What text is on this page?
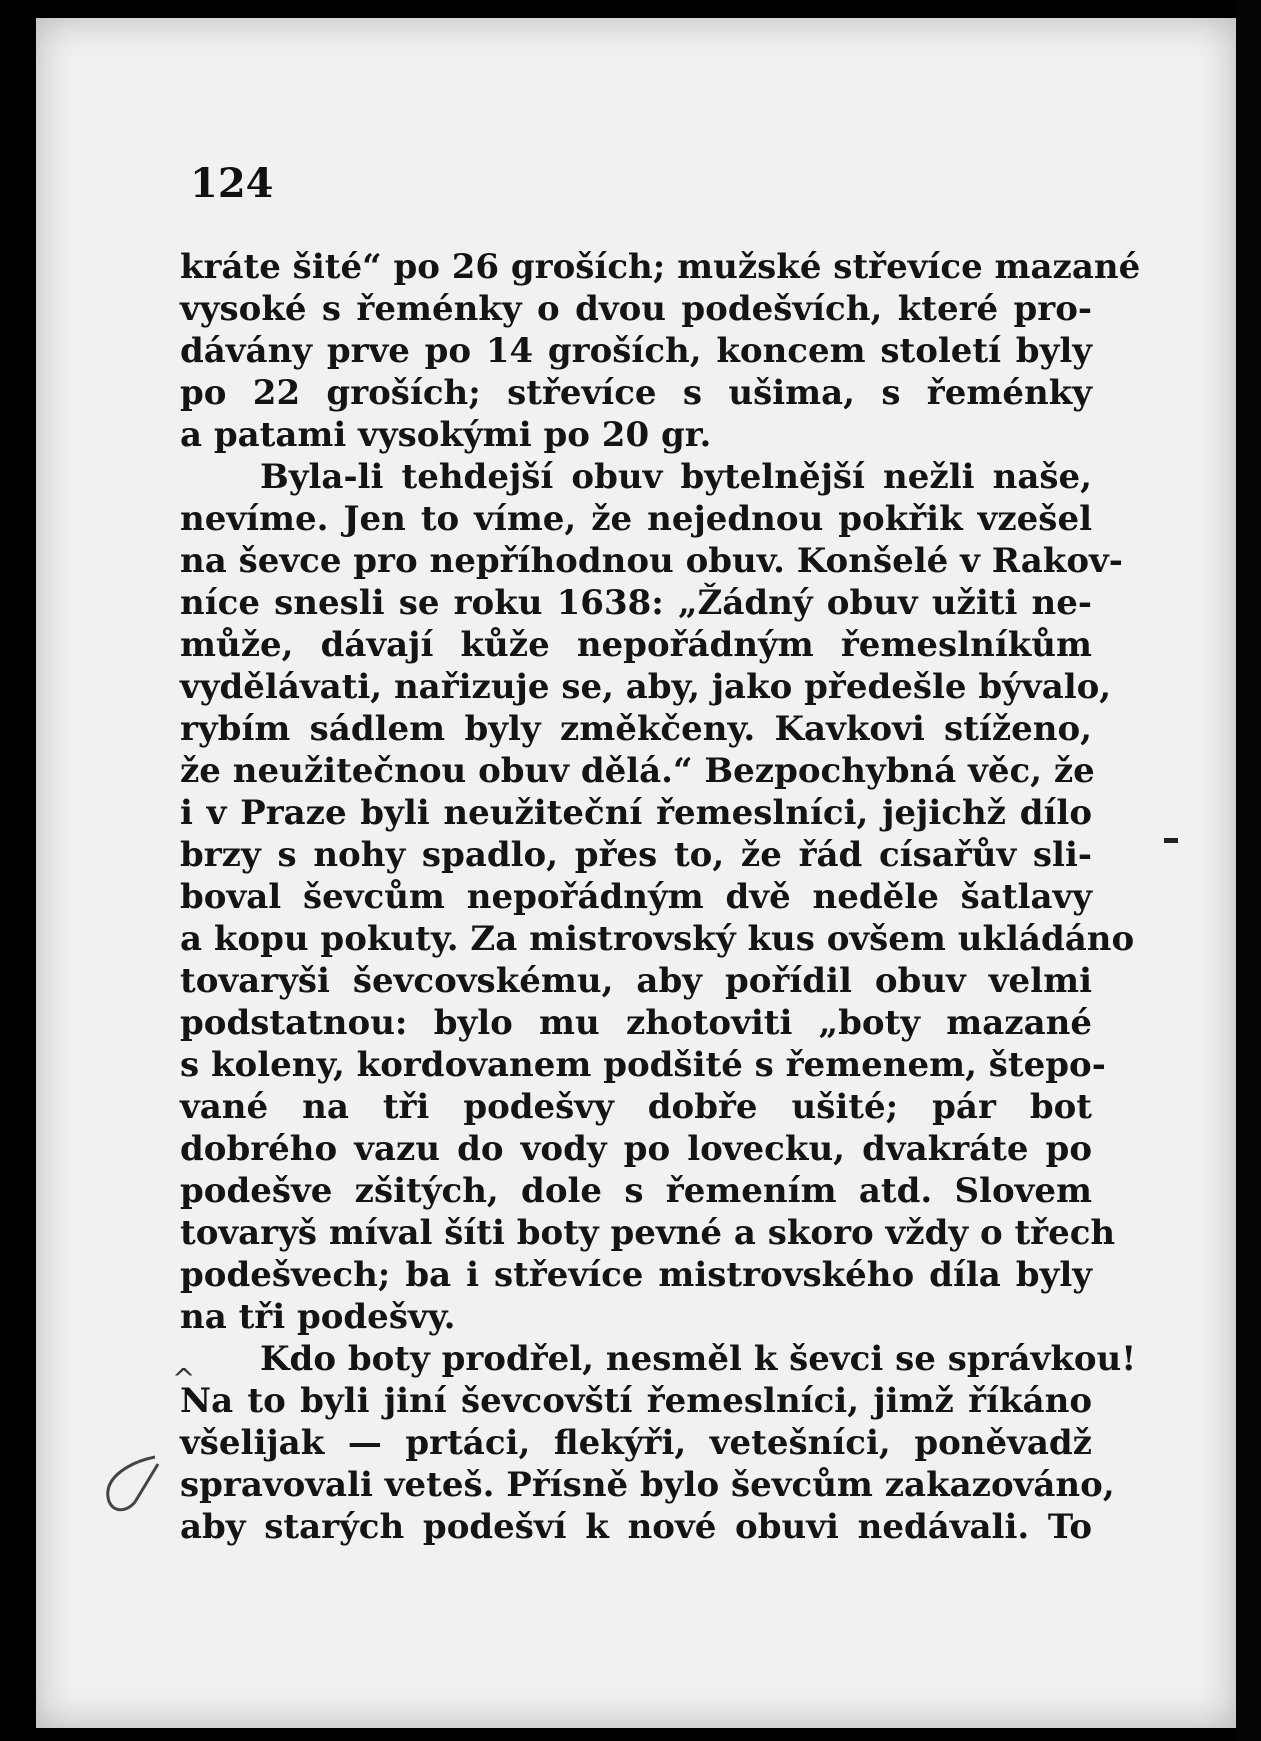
124

kráte šité“ po 26 groších; mužské střevíce mazané
vysoké s řeménky o dvou podešvích, které pro-
dávány prve po 14 groších, koncem století byly
po 22 groších; střevíce s ušima, s řeménky
a patami vysokými po 20 gr.
Byla-li tehdejší obuv bytelnější nežli naše,
nevíme. Jen to víme, že nejednou pokřik vzešel
na ševce pro nepříhodnou obuv. Konšelé v Rakov-
níce snesli se roku 1638: „Žádný obuv užiti ne-
může, dávají kůže nepořádným řemeslníkům
vydělávati, nařizuje se, aby, jako předešle bývalo,
rybím sádlem byly změkčeny. Kavkovi stíženo,
že neužitečnou obuv dělá.“ Bezpochybná věc, že
i v Praze byli neužiteční řemeslníci, jejichž dílo
brzy s nohy spadlo, přes to, že řád císařův sli-
boval ševcům nepořádným dvě neděle šatlavy
a kopu pokuty. Za mistrovský kus ovšem ukládáno
tovaryši ševcovskému, aby pořídil obuv velmi
podstatnou: bylo mu zhotoviti „boty mazané
s koleny, kordovanem podšité s řemenem, štepo-
vané na tři podešvy dobře ušité; pár bot
dobrého vazu do vody po lovecku, dvakráte po
podešve zšitých, dole s řemením atd. Slovem
tovaryš míval šíti boty pevné a skoro vždy o třech
podešvech; ba i střevíce mistrovského díla byly
na tři podešvy.
Kdo boty prodřel, nesměl k ševci se správkou!
Na to byli jiní ševcovští řemeslníci, jimž říkáno
všelijak — prtáci, flekýři, vetešníci, poněvadž
spravovali veteš. Přísně bylo ševcům zakazováno,
aby starých podešví k nové obuvi nedávali. To
^
